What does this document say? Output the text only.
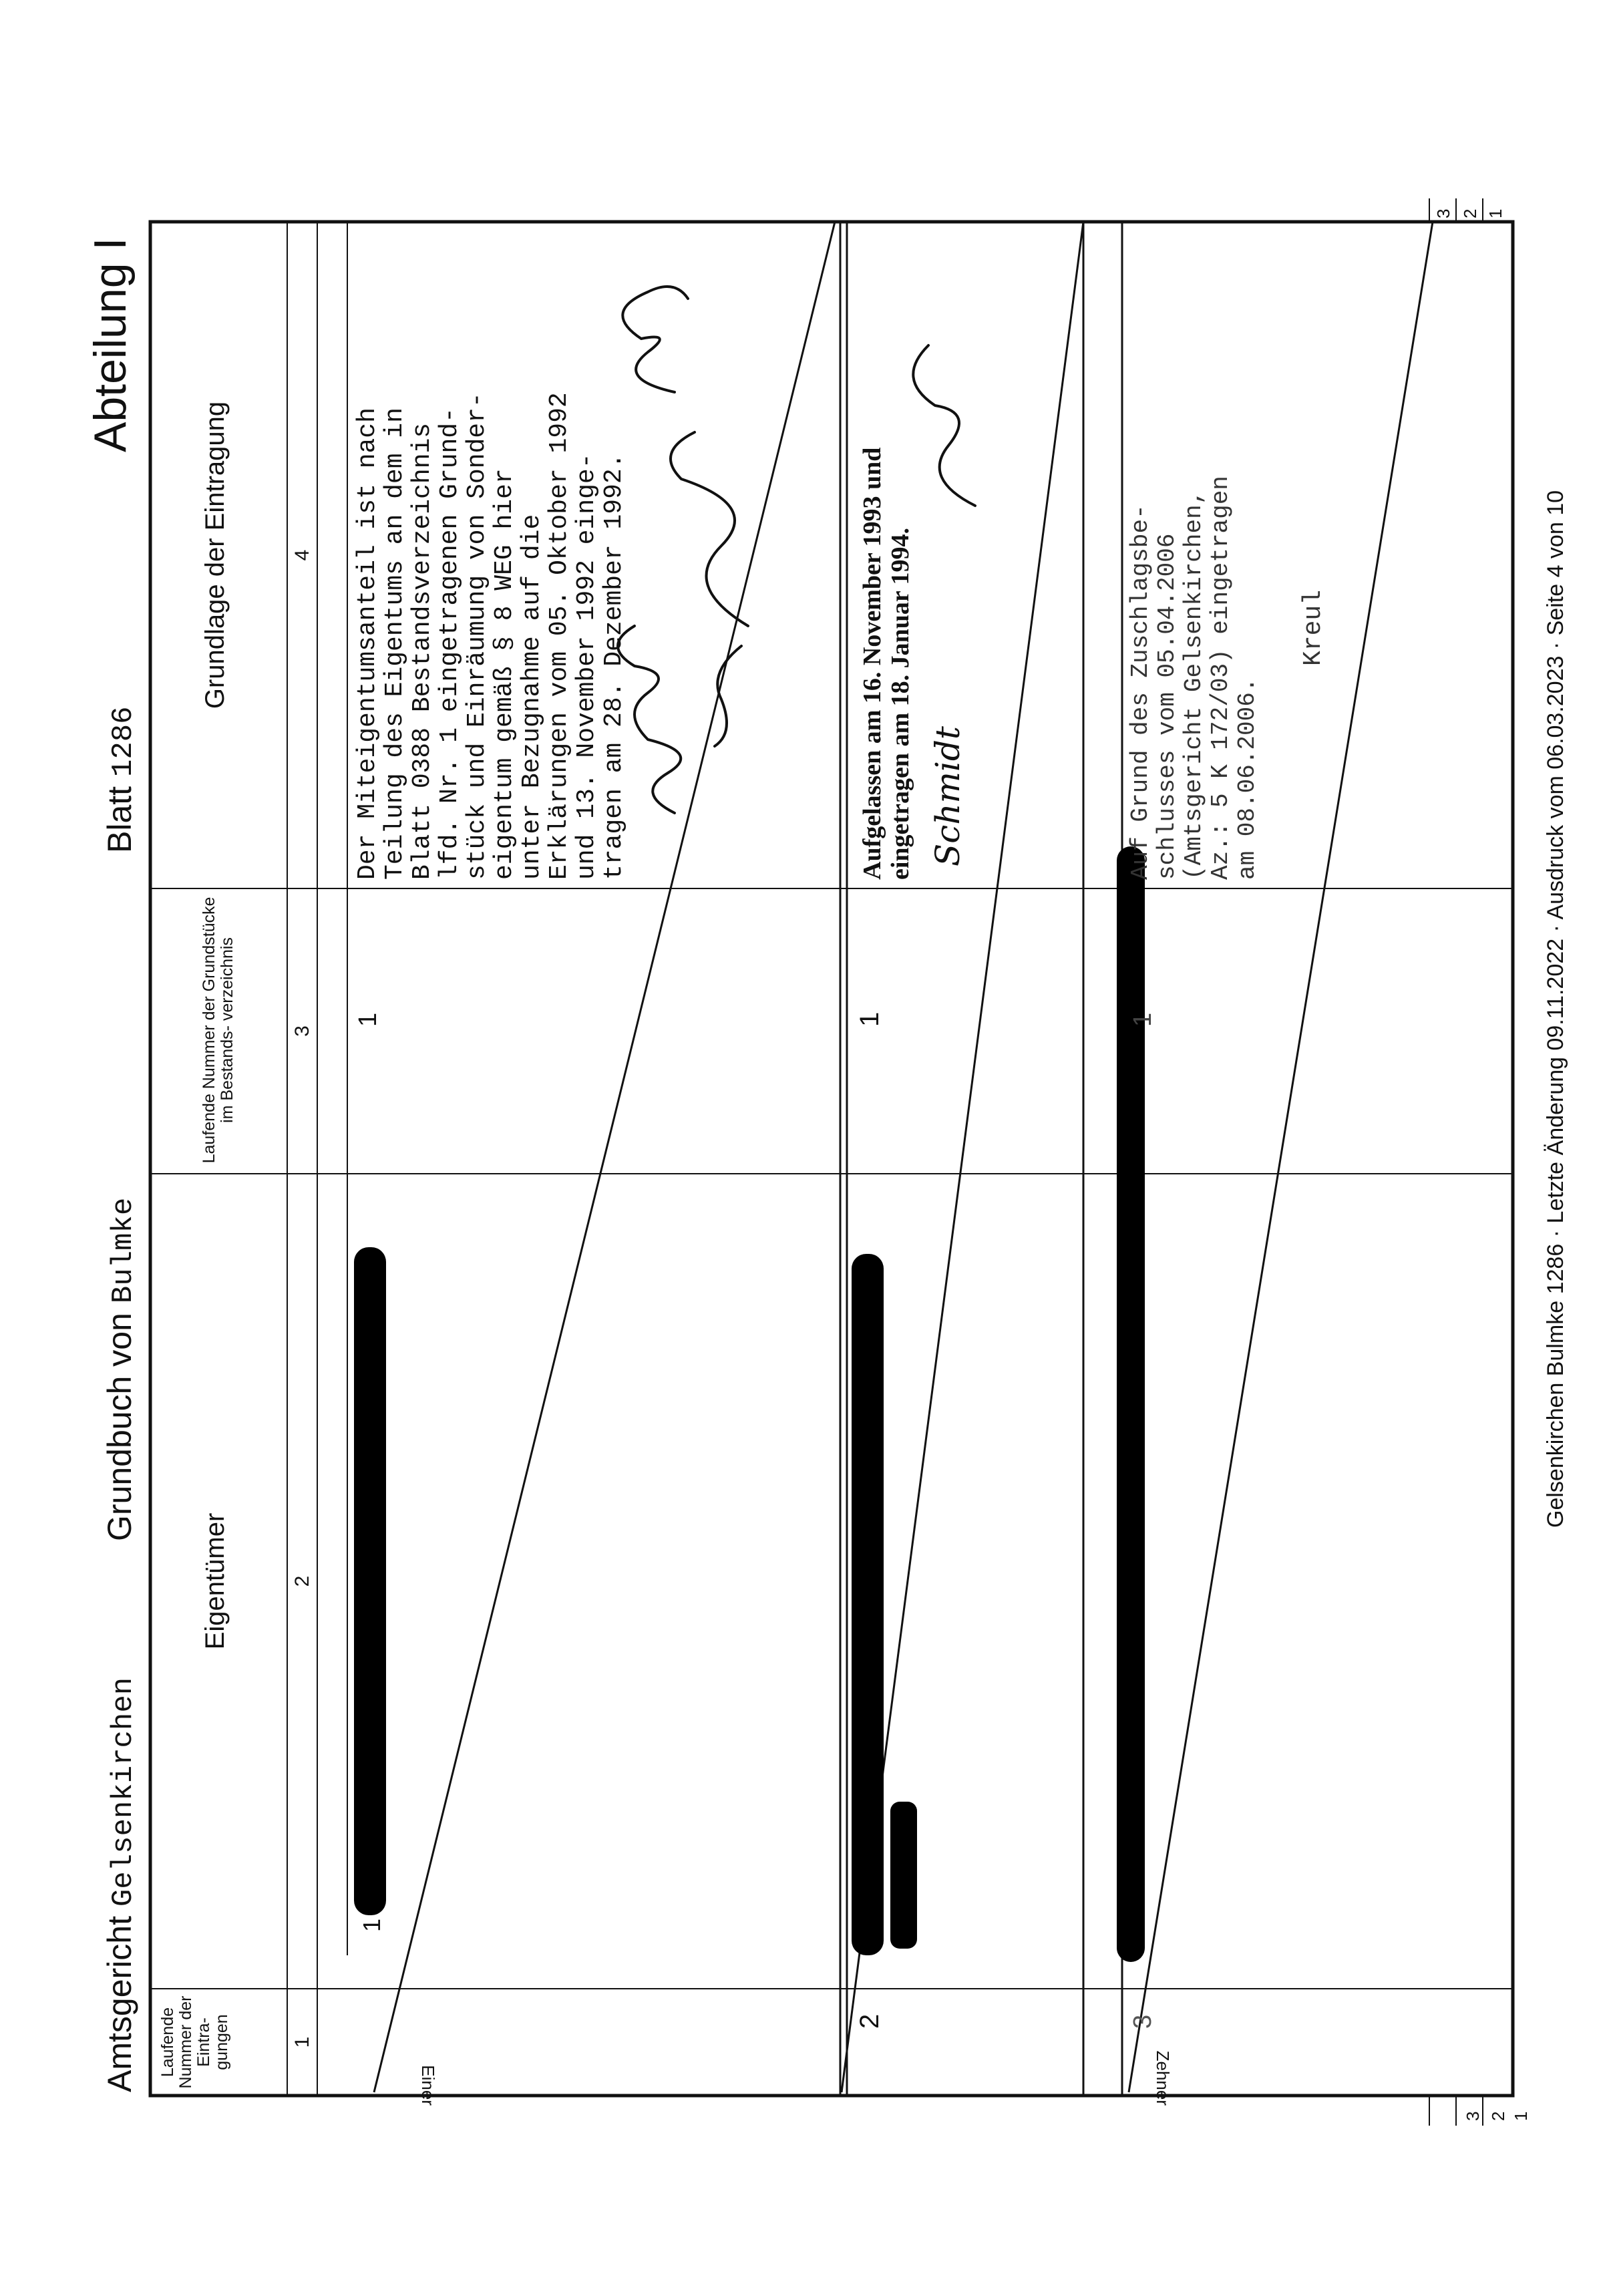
Amtsgericht Gelsenkirchen
Grundbuch von Bulmke
Blatt 1286
Abteilung I
Laufende Nummer der Eintra- gungen
Eigentümer
Laufende Nummer der Grundstücke im Bestands- verzeichnis
Grundlage der Eintragung
1
2
3
4
1
1
Der Miteigentumsanteil ist nach
Teilung des Eigentums an dem in
Blatt 0388 Bestandsverzeichnis
lfd. Nr. 1 eingetragenen Grund-
stück und Einräumung von Sonder-
eigentum gemäß § 8 WEG hier
unter Bezugnahme auf die
Erklärungen vom 05. Oktober 1992
und 13. November 1992 einge-
tragen am 28. Dezember 1992.
2
1
Aufgelassen am 16. November 1993 und
eingetragen am 18. Januar 1994.
Schmidt
3
1
Auf Grund des Zuschlagsbe-
schlusses vom 05.04.2006
(Amtsgericht Gelsenkirchen,
Az.: 5 K 172/03) eingetragen
am 08.06.2006.
Kreul
Einer	Zehner
3 2 1
3 2 1
Gelsenkirchen Bulmke 1286 · Letzte Änderung 09.11.2022 · Ausdruck vom 06.03.2023 · Seite 4 von 10
